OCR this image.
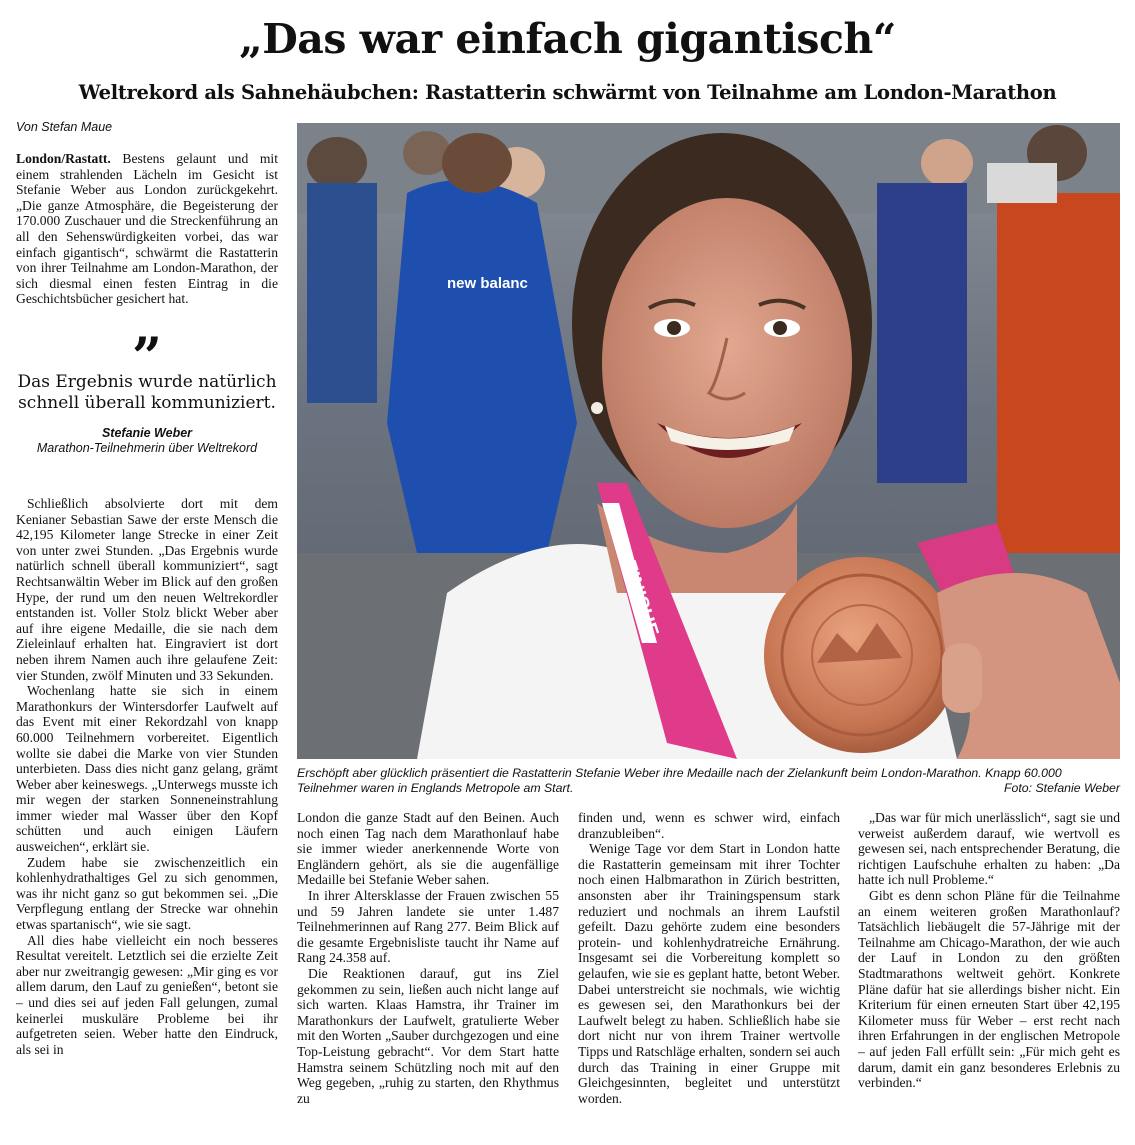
„Das war einfach gigantisch“
Weltrekord als Sahnehäubchen: Rastatterin schwärmt von Teilnahme am London-Marathon
Von Stefan Maue

London/Rastatt. Bestens gelaunt und mit einem strahlenden Lächeln im Gesicht ist Stefanie Weber aus London zurückgekehrt. „Die ganze Atmosphäre, die Begeisterung der 170.000 Zuschauer und die Streckenführung an all den Sehenswürdigkeiten vorbei, das war einfach gigantisch“, schwärmt die Rastatterin von ihrer Teilnahme am London-Marathon, der sich diesmal einen festen Eintrag in die Geschichtsbücher gesichert hat.

”
Das Ergebnis wurde natürlich schnell überall kommuniziert.
Stefanie Weber
Marathon-Teilnehmerin über Weltrekord

Schließlich absolvierte dort mit dem Kenianer Sebastian Sawe der erste Mensch die 42,195 Kilometer lange Strecke in einer Zeit von unter zwei Stunden. „Das Ergebnis wurde natürlich schnell überall kommuniziert“, sagt Rechtsanwältin Weber im Blick auf den großen Hype, der rund um den neuen Weltrekordler entstanden ist. Voller Stolz blickt Weber aber auf ihre eigene Medaille, die sie nach dem Zieleinlauf erhalten hat. Eingraviert ist dort neben ihrem Namen auch ihre gelaufene Zeit: vier Stunden, zwölf Minuten und 33 Sekunden.

Wochenlang hatte sie sich in einem Marathonkurs der Wintersdorfer Laufwelt auf das Event mit einer Rekordzahl von knapp 60.000 Teilnehmern vorbereitet. Eigentlich wollte sie dabei die Marke von vier Stunden unterbieten. Dass dies nicht ganz gelang, grämt Weber aber keineswegs. „Unterwegs musste ich mir wegen der starken Sonneneinstrahlung immer wieder mal Wasser über den Kopf schütten und auch einigen Läufern ausweichen“, erklärt sie.

Zudem habe sie zwischenzeitlich ein kohlenhydrathaltiges Gel zu sich genommen, was ihr nicht ganz so gut bekommen sei. „Die Verpflegung entlang der Strecke war ohnehin etwas spartanisch“, wie sie sagt.

All dies habe vielleicht ein noch besseres Resultat vereitelt. Letztlich sei die erzielte Zeit aber nur zweitrangig gewesen: „Mir ging es vor allem darum, den Lauf zu genießen“, betont sie – und dies sei auf jeden Fall gelungen, zumal keinerlei muskuläre Probleme bei ihr aufgetreten seien. Weber hatte den Eindruck, als sei in

new balanc
FINISHE
Erschöpft aber glücklich präsentiert die Rastatterin Stefanie Weber ihre Medaille nach der Zielankunft beim London-Marathon. Knapp 60.000 Teilnehmer waren in Englands Metropole am Start.	Foto: Stefanie Weber

London die ganze Stadt auf den Beinen. Auch noch einen Tag nach dem Marathonlauf habe sie immer wieder anerkennende Worte von Engländern gehört, als sie die augenfällige Medaille bei Stefanie Weber sahen.

In ihrer Altersklasse der Frauen zwischen 55 und 59 Jahren landete sie unter 1.487 Teilnehmerinnen auf Rang 277. Beim Blick auf die gesamte Ergebnisliste taucht ihr Name auf Rang 24.358 auf.

Die Reaktionen darauf, gut ins Ziel gekommen zu sein, ließen auch nicht lange auf sich warten. Klaas Hamstra, ihr Trainer im Marathonkurs der Laufwelt, gratulierte Weber mit den Worten „Sauber durchgezogen und eine Top-Leistung gebracht“. Vor dem Start hatte Hamstra seinem Schützling noch mit auf den Weg gegeben, „ruhig zu starten, den Rhythmus zu

finden und, wenn es schwer wird, einfach dranzubleiben“.

Wenige Tage vor dem Start in London hatte die Rastatterin gemeinsam mit ihrer Tochter noch einen Halbmarathon in Zürich bestritten, ansonsten aber ihr Trainingspensum stark reduziert und nochmals an ihrem Laufstil gefeilt. Dazu gehörte zudem eine besonders protein- und kohlenhydratreiche Ernährung. Insgesamt sei die Vorbereitung komplett so gelaufen, wie sie es geplant hatte, betont Weber. Dabei unterstreicht sie nochmals, wie wichtig es gewesen sei, den Marathonkurs bei der Laufwelt belegt zu haben. Schließlich habe sie dort nicht nur von ihrem Trainer wertvolle Tipps und Ratschläge erhalten, sondern sei auch durch das Training in einer Gruppe mit Gleichgesinnten, begleitet und unterstützt worden.

„Das war für mich unerlässlich“, sagt sie und verweist außerdem darauf, wie wertvoll es gewesen sei, nach entsprechender Beratung, die richtigen Laufschuhe erhalten zu haben: „Da hatte ich null Probleme.“

Gibt es denn schon Pläne für die Teilnahme an einem weiteren großen Marathonlauf? Tatsächlich liebäugelt die 57-Jährige mit der Teilnahme am Chicago-Marathon, der wie auch der Lauf in London zu den größten Stadtmarathons weltweit gehört. Konkrete Pläne dafür hat sie allerdings bisher nicht. Ein Kriterium für einen erneuten Start über 42,195 Kilometer muss für Weber – erst recht nach ihren Erfahrungen in der englischen Metropole – auf jeden Fall erfüllt sein: „Für mich geht es darum, damit ein ganz besonderes Erlebnis zu verbinden.“
